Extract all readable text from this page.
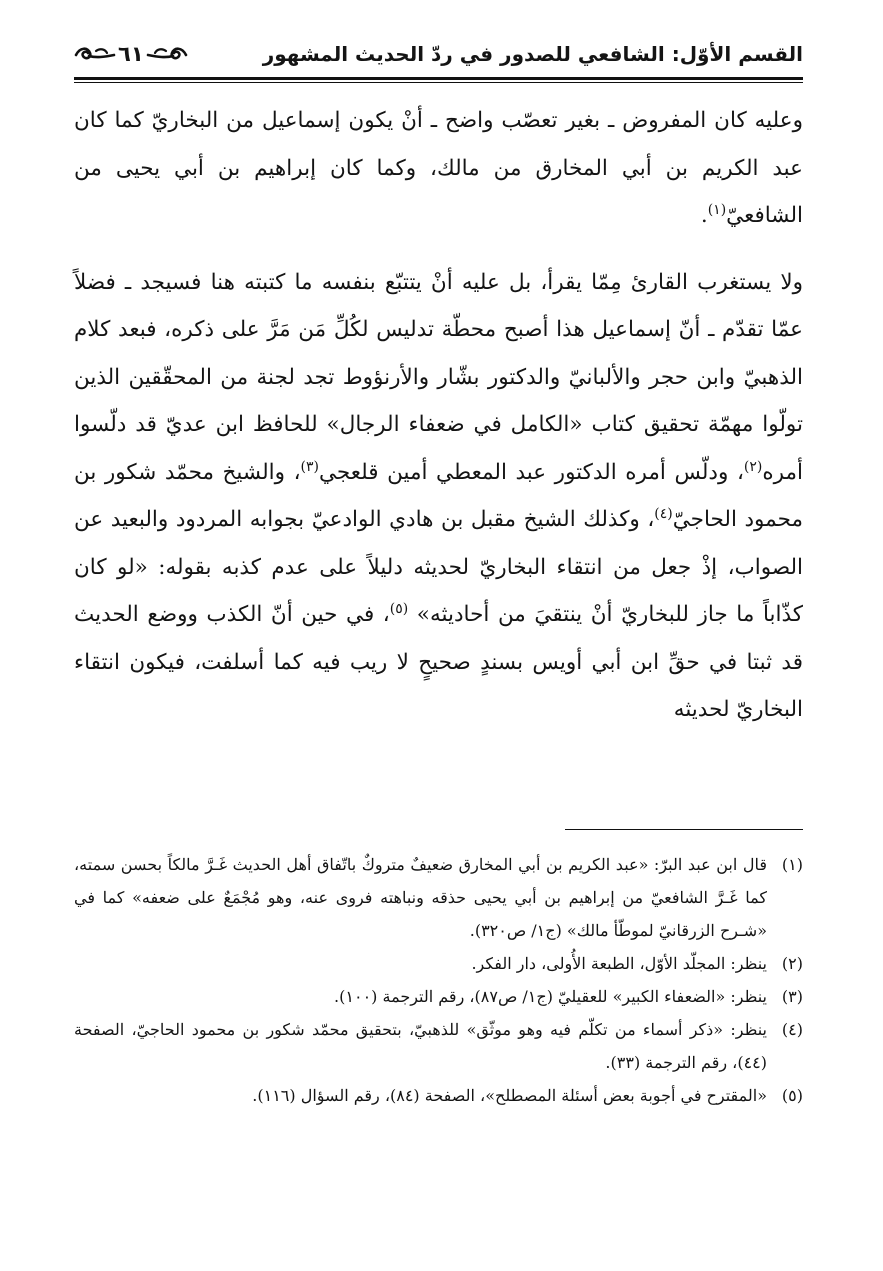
القسم الأوّل: الشافعي للصدور في ردّ الحديث المشهور
٦١

وعليه كان المفروض ـ بغير تعصّب واضح ـ أنْ يكون إسماعيل من البخاريّ كما كان عبد الكريم بن أبي المخارق من مالك، وكما كان إبراهيم بن أبي يحيى من الشافعيّ$^{(١)}$.

ولا يستغرب القارئ مِمّا يقرأ، بل عليه أنْ يتتبّع بنفسه ما كتبته هنا فسيجد ـ فضلاً عمّا تقدّم ـ أنّ إسماعيل هذا أصبح محطّة تدليس لكُلِّ مَن مَرَّ على ذكره، فبعد كلام الذهبيّ وابن حجر والألبانيّ والدكتور بشّار والأرنؤوط تجد لجنة من المحقّقين الذين تولّوا مهمّة تحقيق كتاب «الكامل في ضعفاء الرجال» للحافظ ابن عديّ قد دلّسوا أمره$^{(٢)}$، ودلّس أمره الدكتور عبد المعطي أمين قلعجي$^{(٣)}$، والشيخ محمّد شكور بن محمود الحاجيّ$^{(٤)}$، وكذلك الشيخ مقبل بن هادي الوادعيّ بجوابه المردود والبعيد عن الصواب، إذْ جعل من انتقاء البخاريّ لحديثه دليلاً على عدم كذبه بقوله: «لو كان كذّاباً ما جاز للبخاريّ أنْ ينتقيَ من أحاديثه» $^{(٥)}$، في حين أنّ الكذب ووضع الحديث قد ثبتا في حقِّ ابن أبي أويس بسندٍ صحيحٍ لا ريب فيه كما أسلفت، فيكون انتقاء البخاريّ لحديثه

(١)
قال ابن عبد البرّ: «عبد الكريم بن أبي المخارق ضعيفٌ متروكٌ باتّفاق أهل الحديث غَـرَّ مالكاً بحسن سمته، كما غَـرَّ الشافعيّ من إبراهيم بن أبي يحيى حذقه ونباهته فروى عنه، وهو مُجْمَعٌ على ضعفه» كما في «شـرح الزرقانيّ لموطّأ مالك» (ج١/ ص٣٢٠).
(٢)
ينظر: المجلّد الأوّل، الطبعة الأُولى، دار الفكر.
(٣)
ينظر: «الضعفاء الكبير» للعقيليّ (ج١/ ص٨٧)، رقم الترجمة (١٠٠).
(٤)
ينظر: «ذكر أسماء من تكلّم فيه وهو موثّق» للذهبيّ، بتحقيق محمّد شكور بن محمود الحاجيّ، الصفحة (٤٤)، رقم الترجمة (٣٣).
(٥)
«المقترح في أجوبة بعض أسئلة المصطلح»، الصفحة (٨٤)، رقم السؤال (١١٦).
